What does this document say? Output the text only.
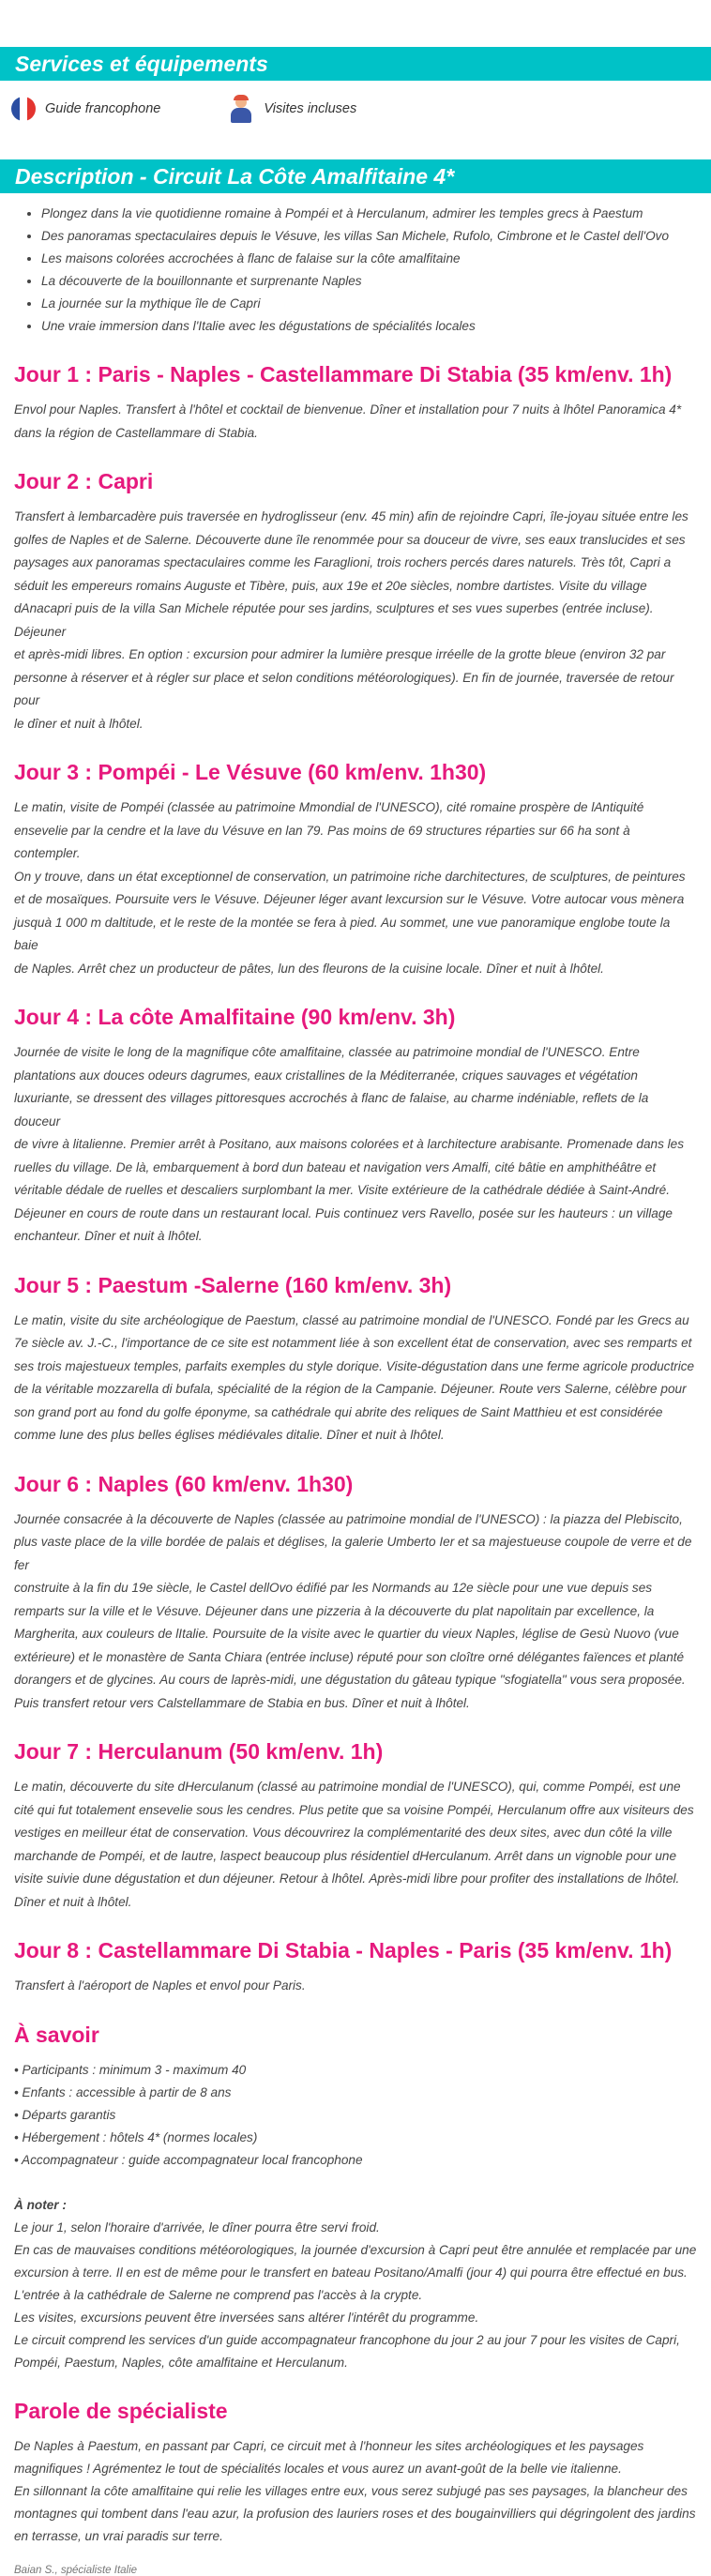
Services et équipements
Guide francophone	Visites incluses
Description - Circuit La Côte Amalfitaine 4*
• Plongez dans la vie quotidienne romaine à Pompéi et à Herculanum, admirer les temples grecs à Paestum
• Des panoramas spectaculaires depuis le Vésuve, les villas San Michele, Rufolo, Cimbrone et le Castel dell'Ovo
• Les maisons colorées accrochées à flanc de falaise sur la côte amalfitaine
• La découverte de la bouillonnante et surprenante Naples
• La journée sur la mythique île de Capri
• Une vraie immersion dans l'Italie avec les dégustations de spécialités locales
Jour 1 : Paris - Naples - Castellammare Di Stabia (35 km/env. 1h)

Envol pour Naples. Transfert à l'hôtel et cocktail de bienvenue. Dîner et installation pour 7 nuits à lhôtel Panoramica 4*

dans la région de Castellammare di Stabia.

Jour 2 : Capri

Transfert à lembarcadère puis traversée en hydroglisseur (env. 45 min) afin de rejoindre Capri, île-joyau située entre les

golfes de Naples et de Salerne. Découverte dune île renommée pour sa douceur de vivre, ses eaux translucides et ses

paysages aux panoramas spectaculaires comme les Faraglioni, trois rochers percés dares naturels. Très tôt, Capri a

séduit les empereurs romains Auguste et Tibère, puis, aux 19e et 20e siècles, nombre dartistes. Visite du village

dAnacapri puis de la villa San Michele réputée pour ses jardins, sculptures et ses vues superbes (entrée incluse). Déjeuner

et après-midi libres. En option : excursion pour admirer la lumière presque irréelle de la grotte bleue (environ 32 par

personne à réserver et à régler sur place et selon conditions météorologiques). En fin de journée, traversée de retour pour

le dîner et nuit à lhôtel.

Jour 3 : Pompéi - Le Vésuve (60 km/env. 1h30)

Le matin, visite de Pompéi (classée au patrimoine Mmondial de l'UNESCO), cité romaine prospère de lAntiquité

ensevelie par la cendre et la lave du Vésuve en lan 79. Pas moins de 69 structures réparties sur 66 ha sont à contempler.

On y trouve, dans un état exceptionnel de conservation, un patrimoine riche darchitectures, de sculptures, de peintures

et de mosaïques. Poursuite vers le Vésuve. Déjeuner léger avant lexcursion sur le Vésuve. Votre autocar vous mènera

jusquà 1 000 m daltitude, et le reste de la montée se fera à pied. Au sommet, une vue panoramique englobe toute la baie

de Naples. Arrêt chez un producteur de pâtes, lun des fleurons de la cuisine locale. Dîner et nuit à lhôtel.

Jour 4 : La côte Amalfitaine (90 km/env. 3h)

Journée de visite le long de la magnifique côte amalfitaine, classée au patrimoine mondial de l'UNESCO. Entre

plantations aux douces odeurs dagrumes, eaux cristallines de la Méditerranée, criques sauvages et végétation

luxuriante, se dressent des villages pittoresques accrochés à flanc de falaise, au charme indéniable, reflets de la douceur

de vivre à litalienne. Premier arrêt à Positano, aux maisons colorées et à larchitecture arabisante. Promenade dans les

ruelles du village. De là, embarquement à bord dun bateau et navigation vers Amalfi, cité bâtie en amphithéâtre et

véritable dédale de ruelles et descaliers surplombant la mer. Visite extérieure de la cathédrale dédiée à Saint-André.

Déjeuner en cours de route dans un restaurant local. Puis continuez vers Ravello, posée sur les hauteurs : un village

enchanteur. Dîner et nuit à lhôtel.

Jour 5 : Paestum -Salerne (160 km/env. 3h)

Le matin, visite du site archéologique de Paestum, classé au patrimoine mondial de l'UNESCO. Fondé par les Grecs au

7e siècle av. J.-C., l'importance de ce site est notamment liée à son excellent état de conservation, avec ses remparts et

ses trois majestueux temples, parfaits exemples du style dorique. Visite-dégustation dans une ferme agricole productrice

de la véritable mozzarella di bufala, spécialité de la région de la Campanie. Déjeuner. Route vers Salerne, célèbre pour

son grand port au fond du golfe éponyme, sa cathédrale qui abrite des reliques de Saint Matthieu et est considérée

comme lune des plus belles églises médiévales ditalie. Dîner et nuit à lhôtel.

Jour 6 : Naples (60 km/env. 1h30)

Journée consacrée à la découverte de Naples (classée au patrimoine mondial de l'UNESCO) : la piazza del Plebiscito,

plus vaste place de la ville bordée de palais et déglises, la galerie Umberto Ier et sa majestueuse coupole de verre et de fer

construite à la fin du 19e siècle, le Castel dellOvo édifié par les Normands au 12e siècle pour une vue depuis ses

remparts sur la ville et le Vésuve. Déjeuner dans une pizzeria à la découverte du plat napolitain par excellence, la

Margherita, aux couleurs de lItalie. Poursuite de la visite avec le quartier du vieux Naples, léglise de Gesù Nuovo (vue

extérieure) et le monastère de Santa Chiara (entrée incluse) réputé pour son cloître orné délégantes faïences et planté

dorangers et de glycines. Au cours de laprès-midi, une dégustation du gâteau typique "sfogiatella" vous sera proposée.

Puis transfert retour vers Calstellammare de Stabia en bus. Dîner et nuit à lhôtel.

Jour 7 : Herculanum (50 km/env. 1h)

Le matin, découverte du site dHerculanum (classé au patrimoine mondial de l'UNESCO), qui, comme Pompéi, est une

cité qui fut totalement ensevelie sous les cendres. Plus petite que sa voisine Pompéi, Herculanum offre aux visiteurs des

vestiges en meilleur état de conservation. Vous découvrirez la complémentarité des deux sites, avec dun côté la ville

marchande de Pompéi, et de lautre, laspect beaucoup plus résidentiel dHerculanum. Arrêt dans un vignoble pour une

visite suivie dune dégustation et dun déjeuner. Retour à lhôtel. Après-midi libre pour profiter des installations de lhôtel.

Dîner et nuit à lhôtel.

Jour 8 : Castellammare Di Stabia - Naples - Paris (35 km/env. 1h)

Transfert à l'aéroport de Naples et envol pour Paris.

À savoir
• Participants : minimum 3 - maximum 40
• Enfants : accessible à partir de 8 ans
• Départs garantis
• Hébergement : hôtels 4* (normes locales)
• Accompagnateur : guide accompagnateur local francophone
À noter :
Le jour 1, selon l'horaire d'arrivée, le dîner pourra être servi froid.
En cas de mauvaises conditions météorologiques, la journée d'excursion à Capri peut être annulée et remplacée par une
excursion à terre. Il en est de même pour le transfert en bateau Positano/Amalfi (jour 4) qui pourra être effectué en bus.
L'entrée à la cathédrale de Salerne ne comprend pas l'accès à la crypte.
Les visites, excursions peuvent être inversées sans altérer l'intérêt du programme.
Le circuit comprend les services d'un guide accompagnateur francophone du jour 2 au jour 7 pour les visites de Capri,
Pompéi, Paestum, Naples, côte amalfitaine et Herculanum.
Parole de spécialiste
De Naples à Paestum, en passant par Capri, ce circuit met à l'honneur les sites archéologiques et les paysages
magnifiques ! Agrémentez le tout de spécialités locales et vous aurez un avant-goût de la belle vie italienne.
En sillonnant la côte amalfitaine qui relie les villages entre eux, vous serez subjugé pas ses paysages, la blancheur des
montagnes qui tombent dans l'eau azur, la profusion des lauriers roses et des bougainvilliers qui dégringolent des jardins
en terrasse, un vrai paradis sur terre.
Baian S., spécialiste Italie
